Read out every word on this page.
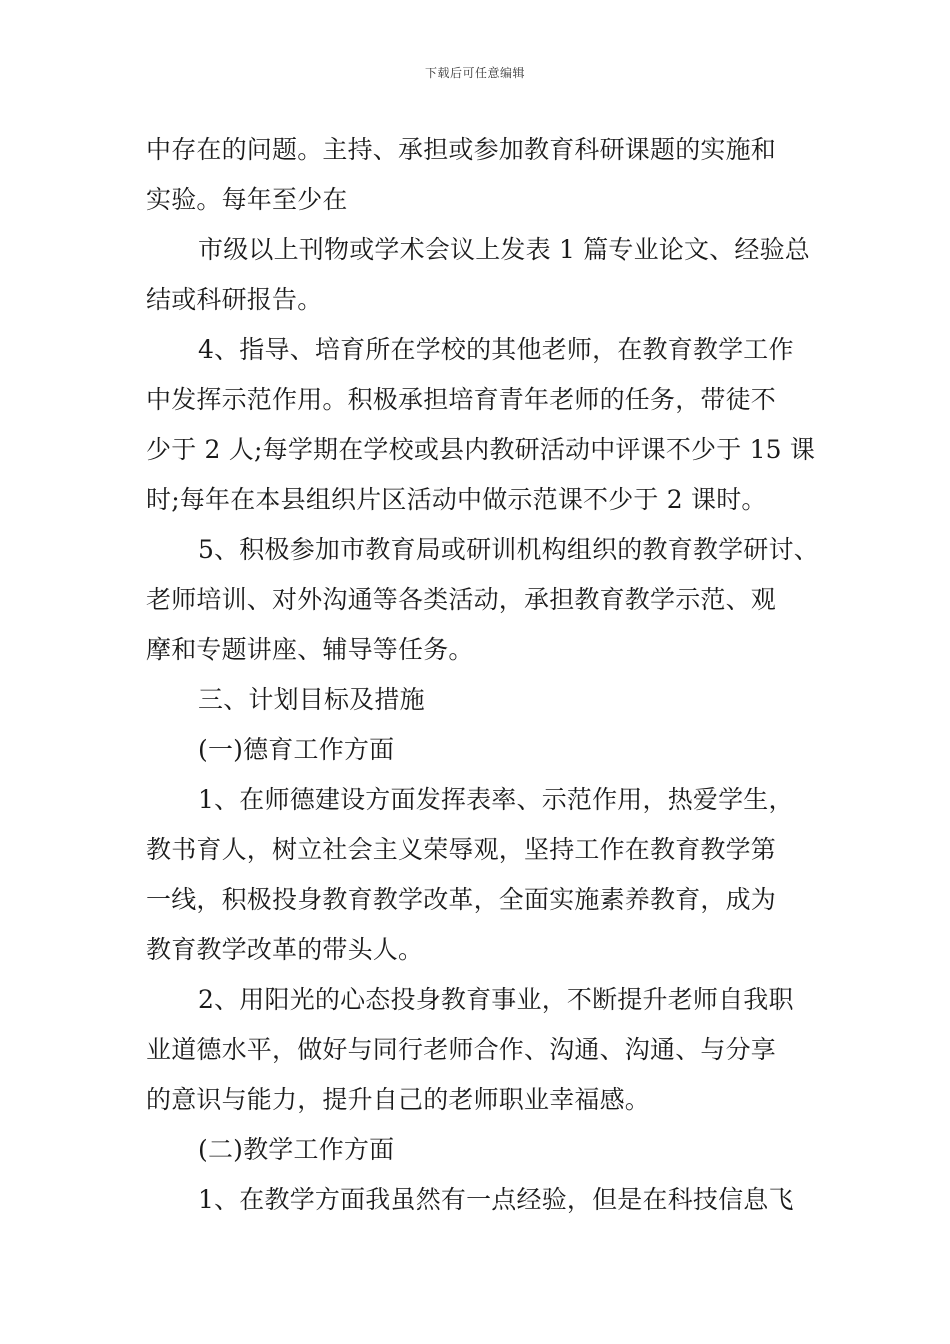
下载后可任意编辑
中存在的问题。主持、承担或参加教育科研课题的实施和
实验。每年至少在
市级以上刊物或学术会议上发表 1 篇专业论文、经验总
结或科研报告。
4、指导、培育所在学校的其他老师，在教育教学工作
中发挥示范作用。积极承担培育青年老师的任务，带徒不
少于 2 人;每学期在学校或县内教研活动中评课不少于 15 课
时;每年在本县组织片区活动中做示范课不少于 2 课时。
5、积极参加市教育局或研训机构组织的教育教学研讨、
老师培训、对外沟通等各类活动，承担教育教学示范、观
摩和专题讲座、辅导等任务。
三、计划目标及措施
(一)德育工作方面
1、在师德建设方面发挥表率、示范作用，热爱学生，
教书育人，树立社会主义荣辱观，坚持工作在教育教学第
一线，积极投身教育教学改革，全面实施素养教育，成为
教育教学改革的带头人。
2、用阳光的心态投身教育事业，不断提升老师自我职
业道德水平，做好与同行老师合作、沟通、沟通、与分享
的意识与能力，提升自己的老师职业幸福感。
(二)教学工作方面
1、在教学方面我虽然有一点经验，但是在科技信息飞
